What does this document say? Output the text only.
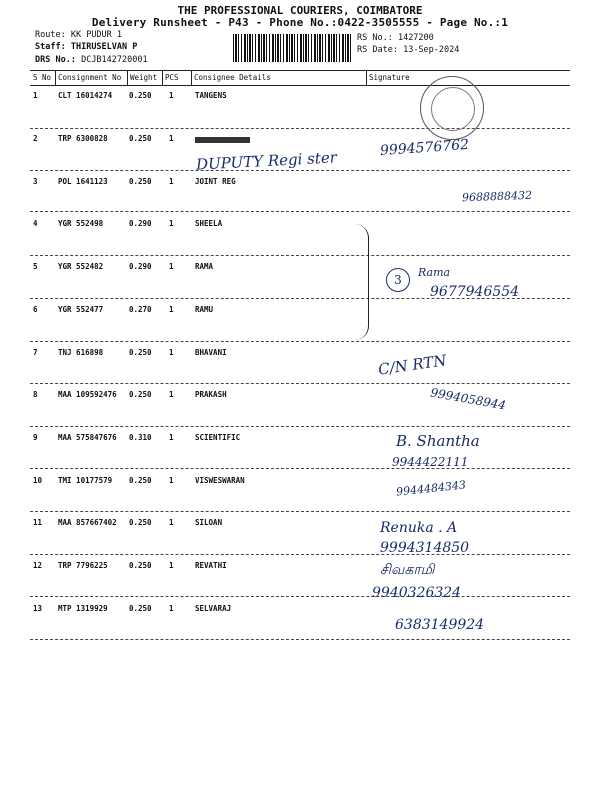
THE PROFESSIONAL COURIERS, COIMBATORE
Delivery Runsheet - P43 - Phone No.:0422-3505555 - Page No.:1
Route: KK PUDUR 1
Staff: THIRUSELVAN P
DRS No.: DCJB142720001
RS No.: 1427200
RS Date: 13-Sep-2024
S No Consignment No Weight PCS Consignee Details	Signature
1	CLT 16014274 0.250 1	TANGENS
2	TRP 6300828	0.250 1
3	POL 1641123	0.250 1	JOINT REG
4	YGR 552498	0.290 1	SHEELA
5	YGR 552482	0.290 1	RAMA
6	YGR 552477	0.270 1	RAMU
7	TNJ 616898	0.250 1	BHAVANI
8	MAA 109592476 0.250 1	PRAKASH
9	MAA 575847676 0.310 1	SCIENTIFIC
10 TMI 10177579 0.250 1	VISWESWARAN
11 MAA 857667402 0.250 1	SILOAN
12 TRP 7796225	0.250 1	REVATHI
13 MTP 1319929	0.250 1	SELVARAJ
DUPUTY Regi ster
9994576762
9688888432
3
Rama
9677946554
C/N RTN
9994058944
B. Shantha
9944422111
9944484343
Renuka . A
9994314850
சிவகாமி
9940326324
6383149924
